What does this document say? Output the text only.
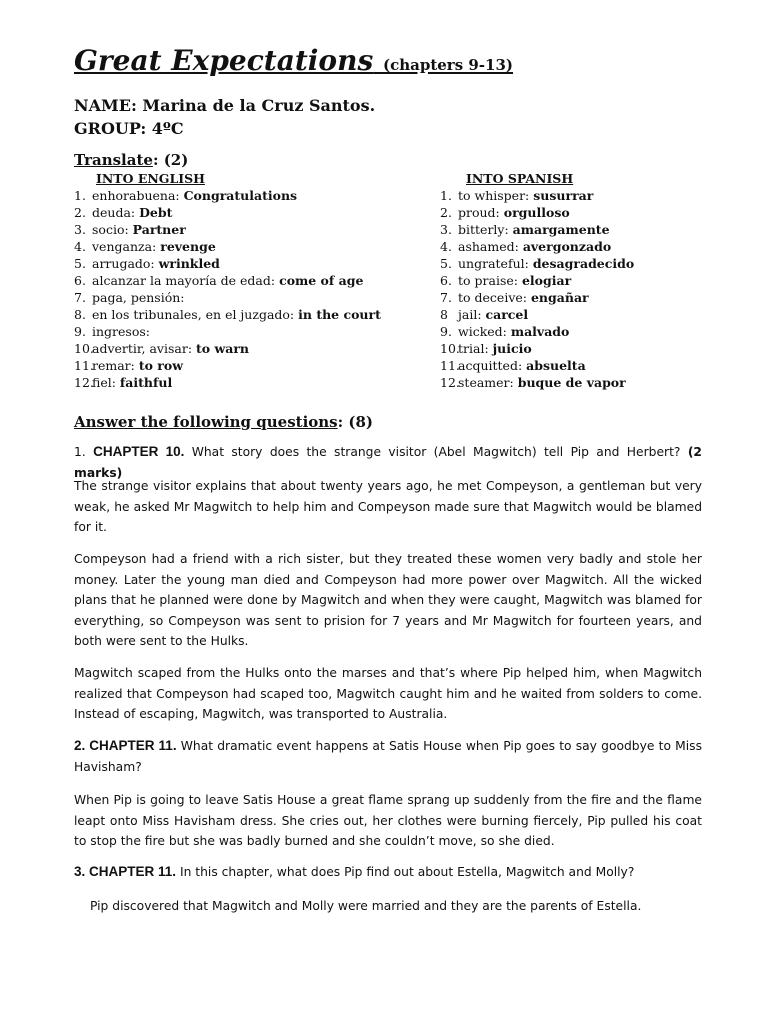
Great Expectations (chapters 9-13)
NAME: Marina de la Cruz Santos.
GROUP: 4ºC
Translate: (2)
INTO ENGLISH
1. enhorabuena: Congratulations
2. deuda: Debt
3. socio: Partner
4. venganza: revenge
5. arrugado: wrinkled
6. alcanzar la mayoría de edad: come of age
7. paga, pensión:
8. en los tribunales, en el juzgado: in the court
9. ingresos:
10.advertir, avisar: to warn
11.remar: to row
12.fiel: faithful
INTO SPANISH
1. to whisper: susurrar
2. proud: orgulloso
3. bitterly: amargamente
4. ashamed: avergonzado
5. ungrateful: desagradecido
6. to praise: elogiar
7. to deceive: engañar
8 jail: carcel
9. wicked: malvado
10.trial: juicio
11.acquitted: absuelta
12.steamer: buque de vapor
Answer the following questions: (8)
1. CHAPTER 10. What story does the strange visitor (Abel Magwitch) tell Pip and Herbert? (2 marks)
The strange visitor explains that about twenty years ago, he met Compeyson, a gentleman but very weak, he asked Mr Magwitch to help him and Compeyson made sure that Magwitch would be blamed for it.
Compeyson had a friend with a rich sister, but they treated these women very badly and stole her money. Later the young man died and Compeyson had more power over Magwitch. All the wicked plans that he planned were done by Magwitch and when they were caught, Magwitch was blamed for everything, so Compeyson was sent to prision for 7 years and Mr Magwitch for fourteen years, and both were sent to the Hulks.
Magwitch scaped from the Hulks onto the marses and that’s where Pip helped him, when Magwitch realized that Compeyson had scaped too, Magwitch caught him and he waited from solders to come. Instead of escaping, Magwitch, was transported to Australia.
2. CHAPTER 11. What dramatic event happens at Satis House when Pip goes to say goodbye to Miss Havisham?
When Pip is going to leave Satis House a great flame sprang up suddenly from the fire and the flame leapt onto Miss Havisham dress. She cries out, her clothes were burning fiercely, Pip pulled his coat to stop the fire but she was badly burned and she couldn’t move, so she died.
3. CHAPTER 11. In this chapter, what does Pip find out about Estella, Magwitch and Molly?
Pip discovered that Magwitch and Molly were married and they are the parents of Estella.
